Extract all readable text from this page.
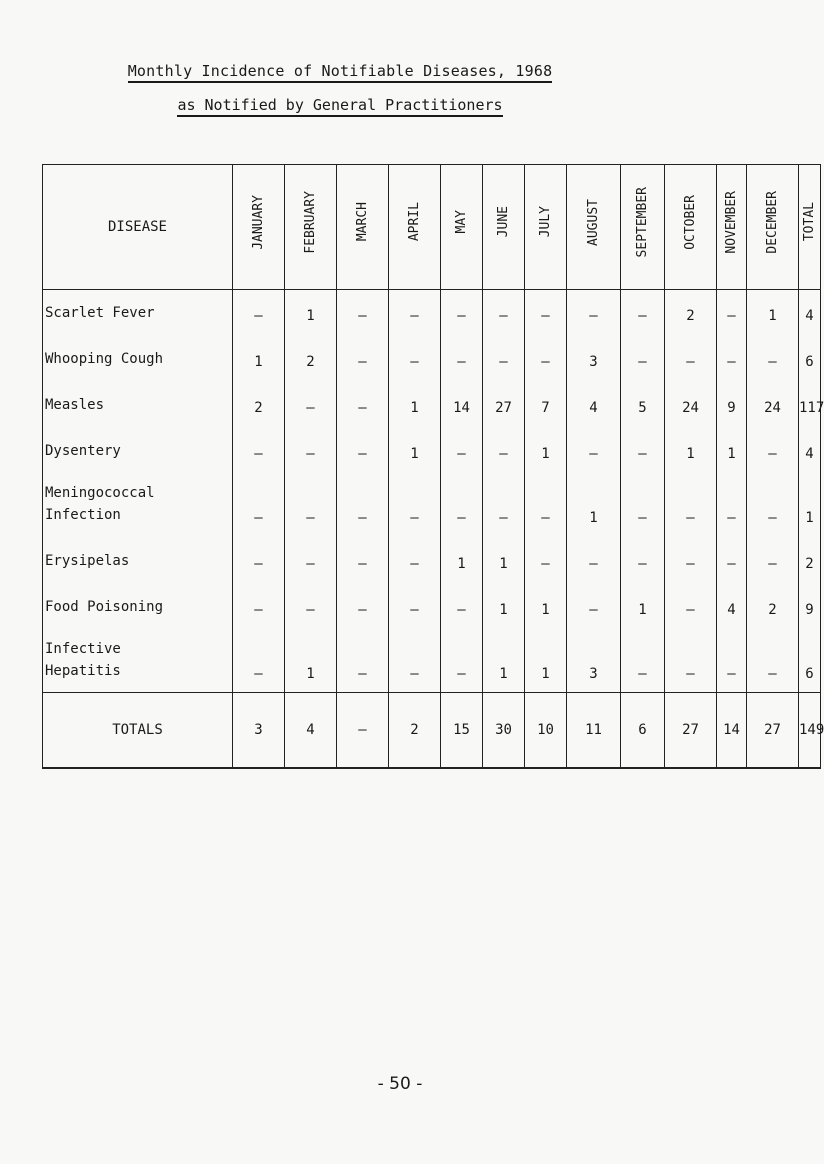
Monthly Incidence of Notifiable Diseases, 1968
as Notified by General Practitioners
DISEASE	JANUARY	FEBRUARY	MARCH	APRIL	MAY	JUNE	JULY	AUGUST	SEPTEMBER	OCTOBER	NOVEMBER	DECEMBER	TOTAL
Scarlet Fever	–	1	–	–	–	–	–	–	–	2	–	1	4
Whooping Cough	1	2	–	–	–	–	–	3	–	–	–	–	6
Measles	2	–	–	1	14	27	7	4	5	24	9	24	117
Dysentery	–	–	–	1	–	–	1	–	–	1	1	–	4
Meningococcal
Infection	–	–	–	–	–	–	–	1	–	–	–	–	1
Erysipelas	–	–	–	–	1	1	–	–	–	–	–	–	2
Food Poisoning	–	–	–	–	–	1	1	–	1	–	4	2	9
Infective
Hepatitis	–	1	–	–	–	1	1	3	–	–	–	–	6
TOTALS	3	4	–	2	15	30	10	11	6	27	14	27	149
- 50 -
